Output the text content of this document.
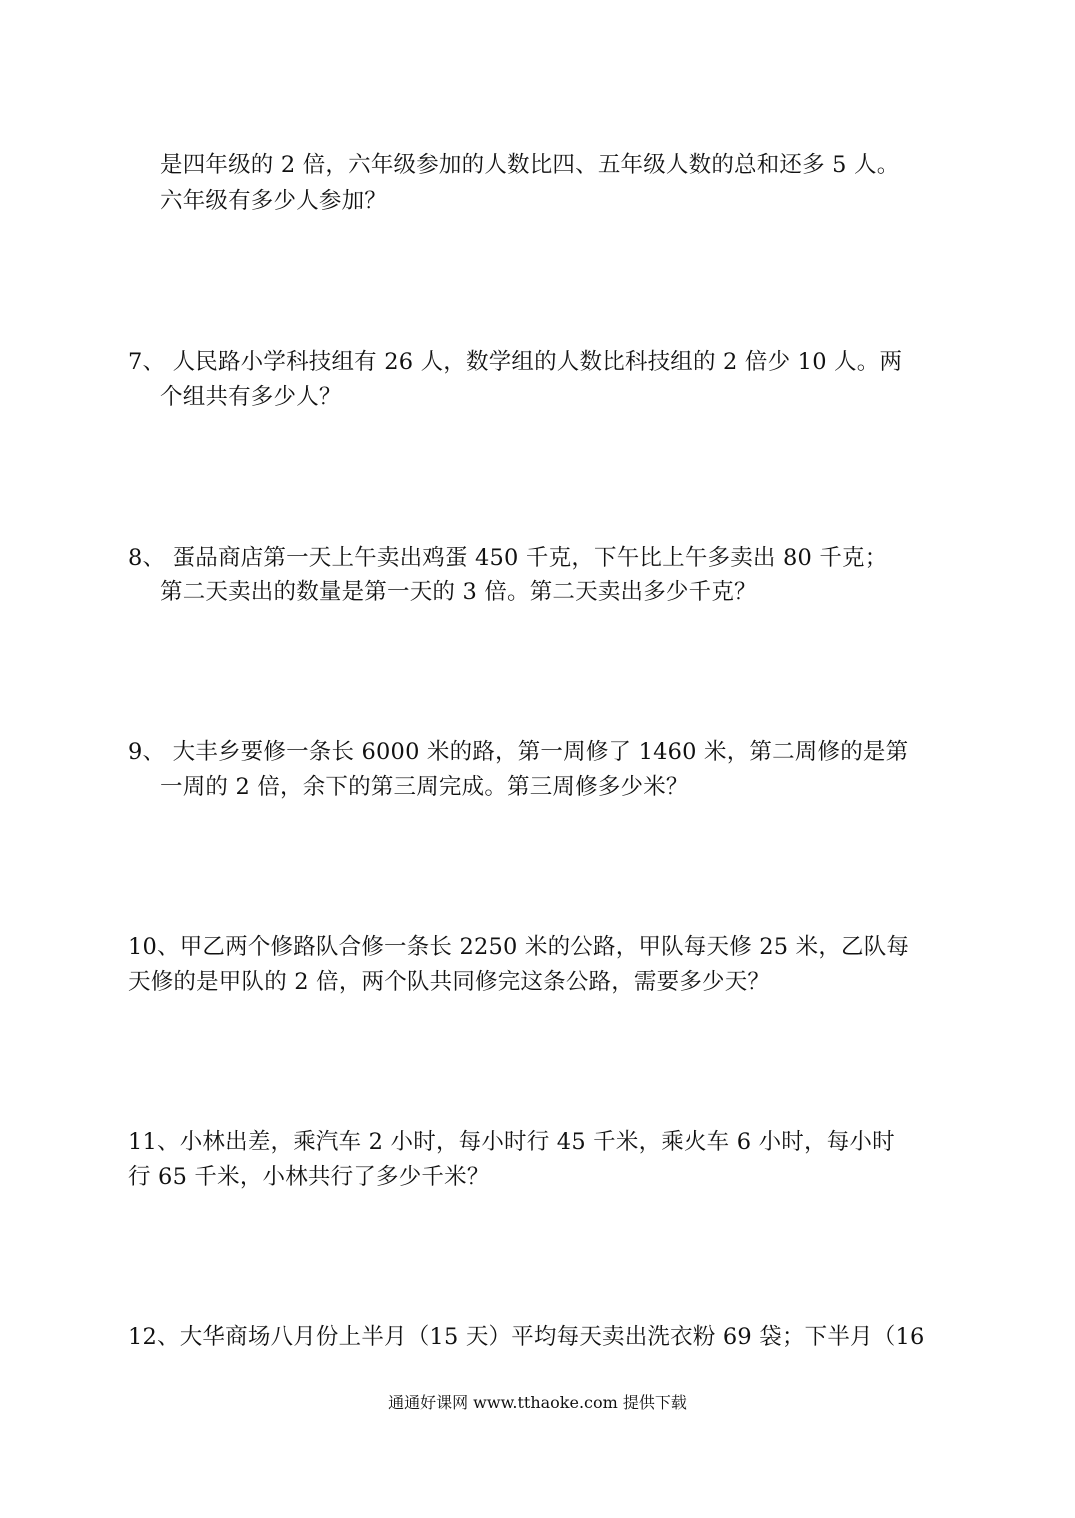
是四年级的 2 倍，六年级参加的人数比四、五年级人数的总和还多 5 人。
六年级有多少人参加？
7、 人民路小学科技组有 26 人，数学组的人数比科技组的 2 倍少 10 人。两
个组共有多少人？
8、 蛋品商店第一天上午卖出鸡蛋 450 千克，下午比上午多卖出 80 千克；
第二天卖出的数量是第一天的 3 倍。第二天卖出多少千克？
9、 大丰乡要修一条长 6000 米的路，第一周修了 1460 米，第二周修的是第
一周的 2 倍，余下的第三周完成。第三周修多少米？
10、甲乙两个修路队合修一条长 2250 米的公路，甲队每天修 25 米，乙队每
天修的是甲队的 2 倍，两个队共同修完这条公路，需要多少天？
11、小林出差，乘汽车 2 小时，每小时行 45 千米，乘火车 6 小时，每小时
行 65 千米，小林共行了多少千米？
12、大华商场八月份上半月（15 天）平均每天卖出洗衣粉 69 袋；下半月（16
通通好课网 www.tthaoke.com 提供下载
